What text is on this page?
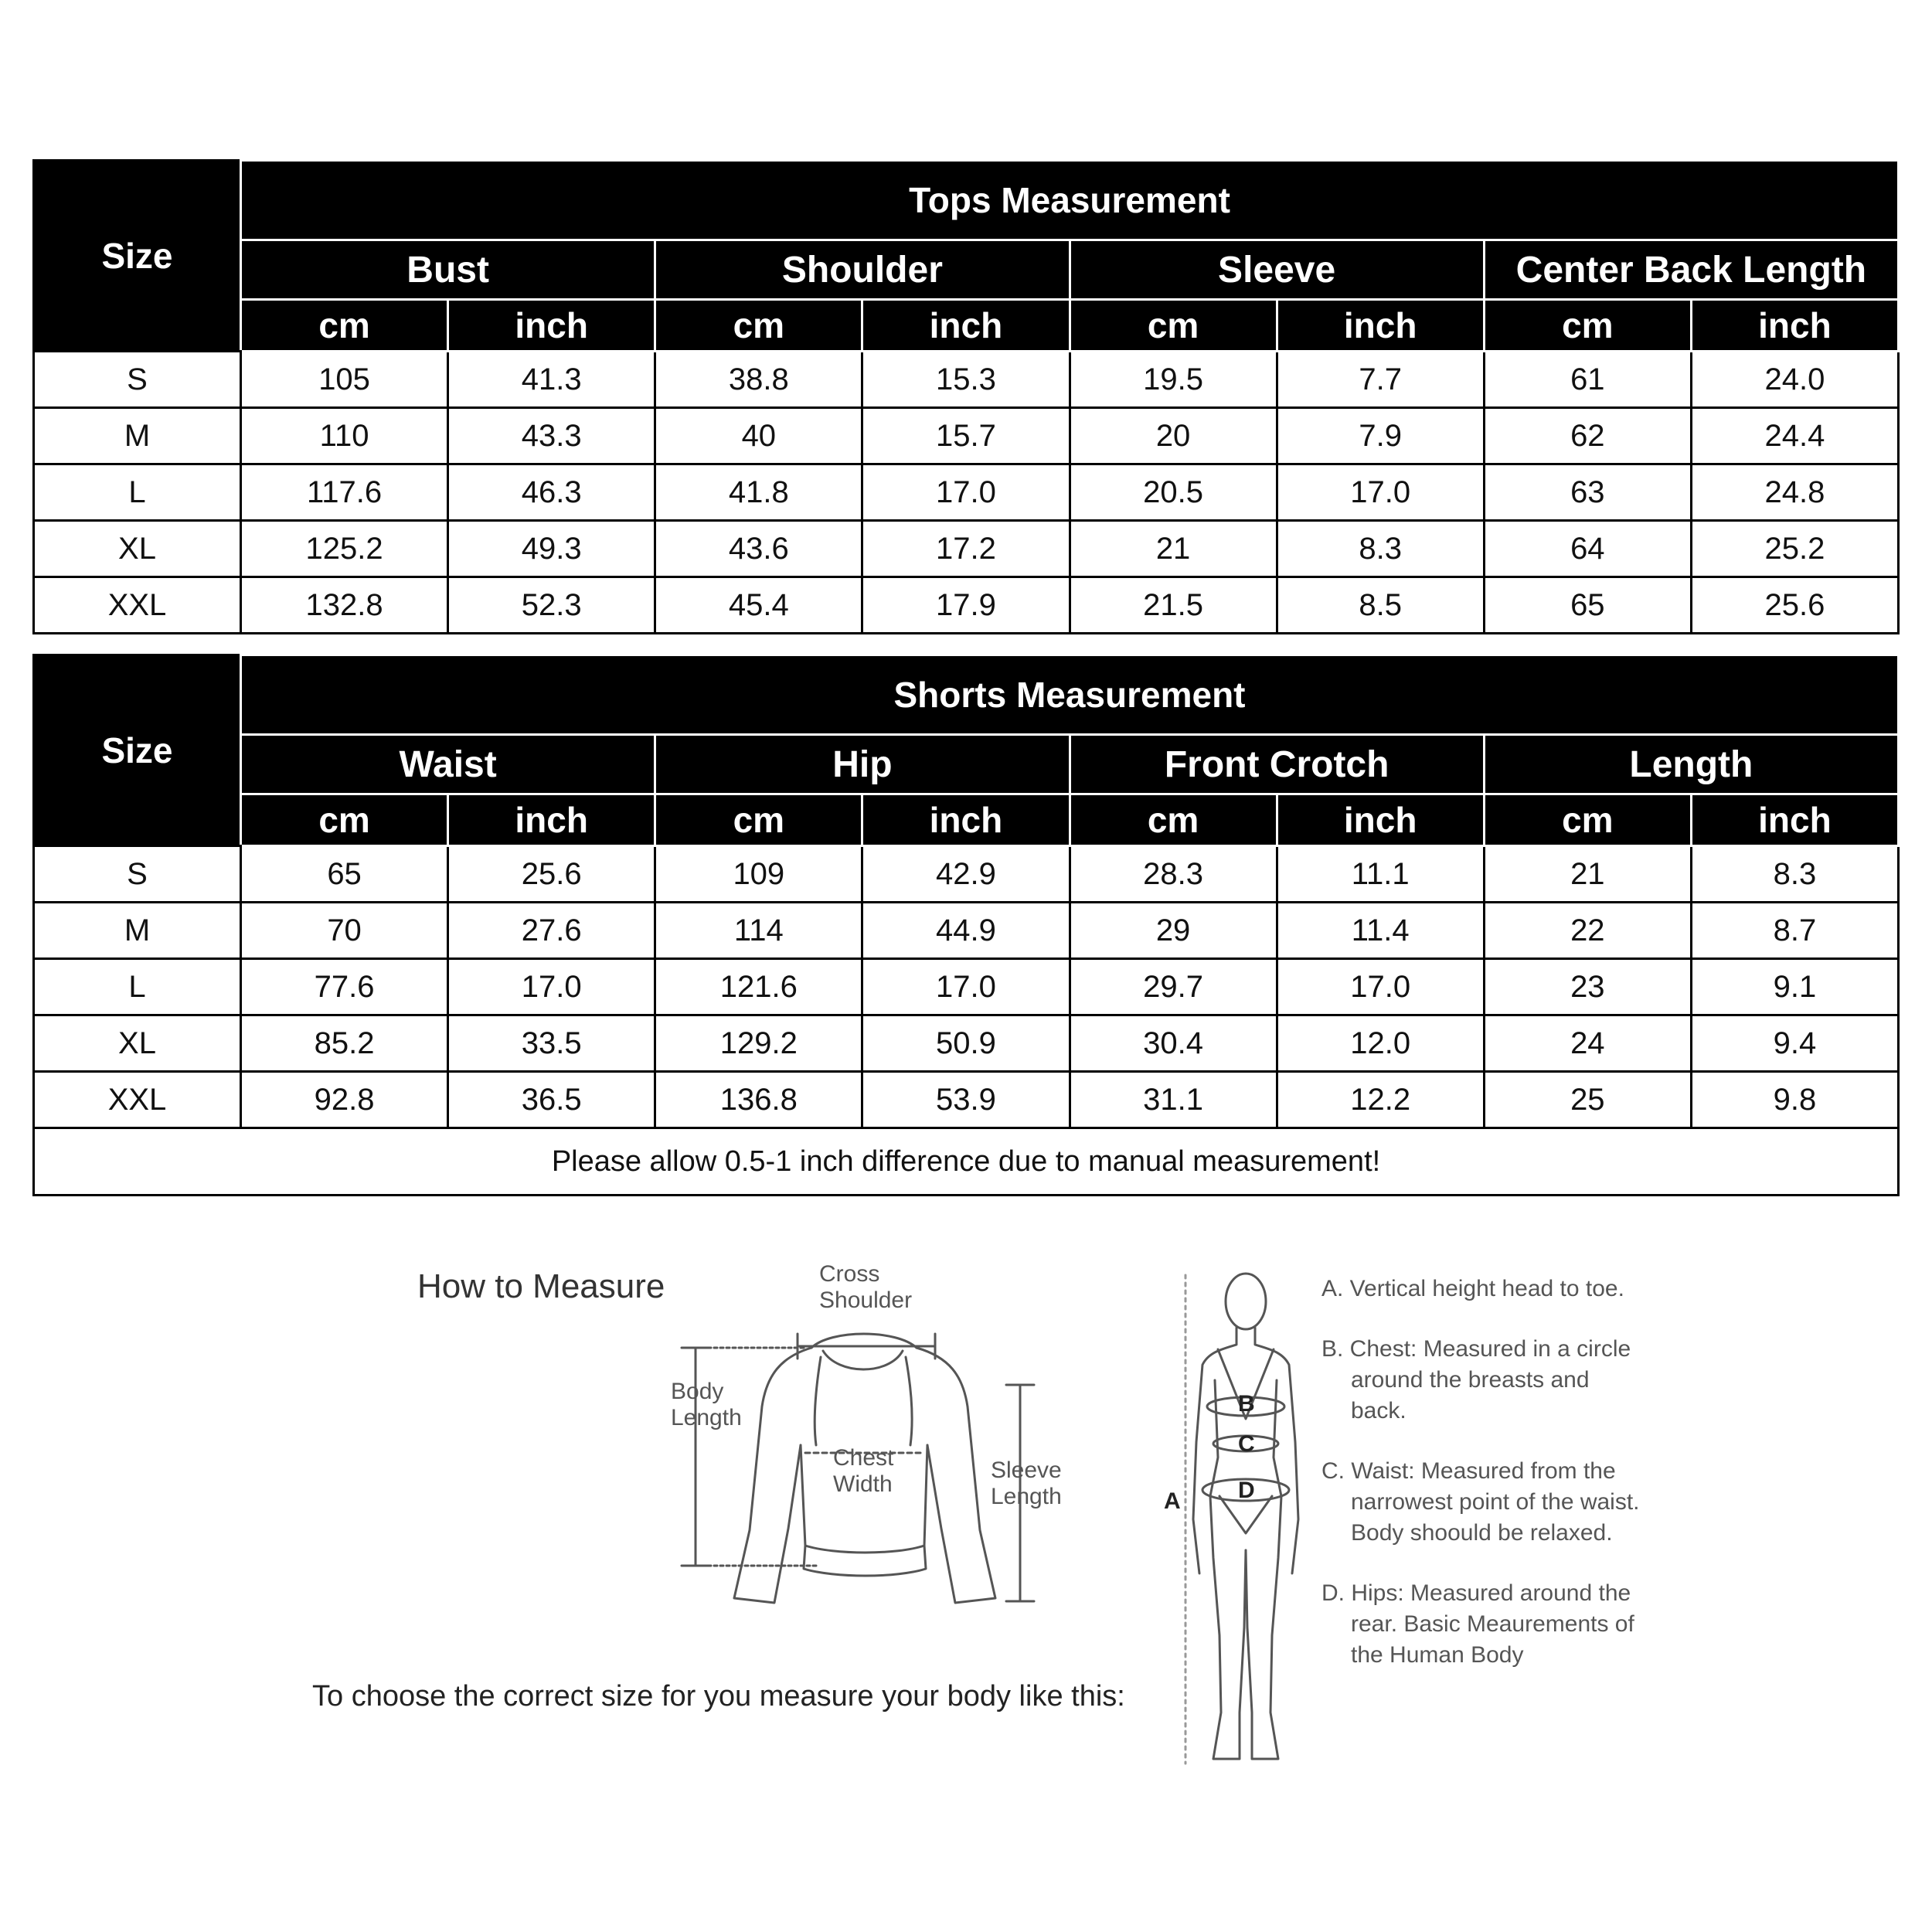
Size	Tops Measurement							
	Bust		Shoulder		Sleeve		Center Back Length	
	cm	inch	cm	inch	cm	inch	cm	inch
S	105	41.3	38.8	15.3	19.5	7.7	61	24.0
M	110	43.3	40	15.7	20	7.9	62	24.4
L	117.6	46.3	41.8	17.0	20.5	17.0	63	24.8
XL	125.2	49.3	43.6	17.2	21	8.3	64	25.2
XXL	132.8	52.3	45.4	17.9	21.5	8.5	65	25.6
Size	Shorts Measurement							
	Waist		Hip		Front Crotch		Length	
	cm	inch	cm	inch	cm	inch	cm	inch
S	65	25.6	109	42.9	28.3	11.1	21	8.3
M	70	27.6	114	44.9	29	11.4	22	8.7
L	77.6	17.0	121.6	17.0	29.7	17.0	23	9.1
XL	85.2	33.5	129.2	50.9	30.4	12.0	24	9.4
XXL	92.8	36.5	136.8	53.9	31.1	12.2	25	9.8
Please allow 0.5-1 inch difference due to manual measurement!								
How to Measure
To choose the correct size for you measure your body like this:
Cross
Shoulder
Body
Length
Chest
Width
Sleeve
Length	A
B
C
D

A. Vertical height head to toe.

B. Chest: Measured in a circle around the breasts and back.

C. Waist: Measured from the narrowest point of the waist. Body shoould be relaxed.

D. Hips: Measured around the rear. Basic Meaurements of the Human Body
